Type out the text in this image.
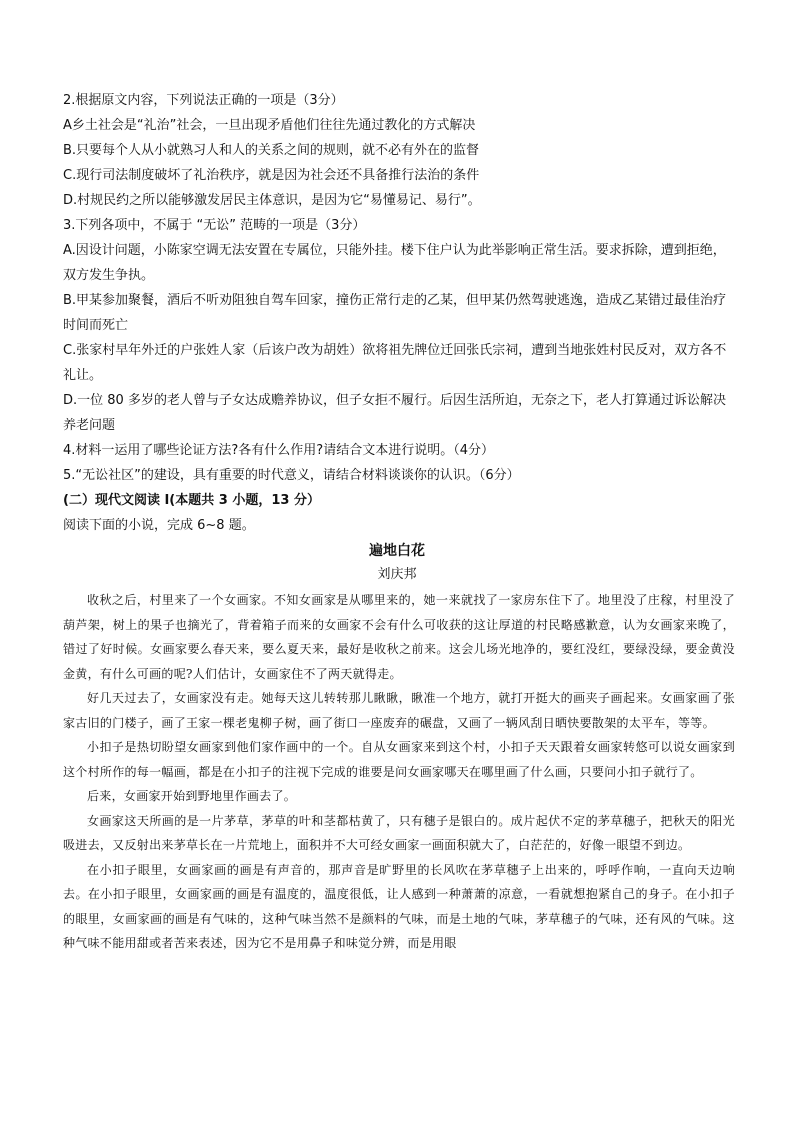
2.根据原文内容，下列说法正确的一项是（3分）

A乡土社会是“礼治”社会，一旦出现矛盾他们往往先通过教化的方式解决

B.只要每个人从小就熟习人和人的关系之间的规则，就不必有外在的监督

C.现行司法制度破坏了礼治秩序，就是因为社会还不具备推行法治的条件

D.村规民约之所以能够激发居民主体意识，是因为它“易懂易记、易行”。

3.下列各项中，不属于 “无讼” 范畴的一项是（3分）

A.因设计问题，小陈家空调无法安置在专属位，只能外挂。楼下住户认为此举影响正常生活。要求拆除，遭到拒绝，双方发生争执。

B.甲某参加聚餐，酒后不听劝阻独自驾车回家，撞伤正常行走的乙某，但甲某仍然驾驶逃逸，造成乙某错过最佳治疗时间而死亡

C.张家村早年外迁的户张姓人家（后该户改为胡姓）欲将祖先牌位迁回张氏宗祠，遭到当地张姓村民反对，双方各不礼让。

D.一位 80 多岁的老人曾与子女达成赡养协议，但子女拒不履行。后因生活所迫，无奈之下，老人打算通过诉讼解决养老问题

4.材料一运用了哪些论证方法?各有什么作用?请结合文本进行说明。（4分）

5.“无讼社区”的建设，具有重要的时代意义，请结合材料谈谈你的认识。（6分）

(二）现代文阅读 Ⅰ(本题共 3 小题，13 分）

阅读下面的小说，完成 6~8 题。

遍地白花

刘庆邦

收秋之后，村里来了一个女画家。不知女画家是从哪里来的，她一来就找了一家房东住下了。地里没了庄稼，村里没了葫芦架，树上的果子也摘光了，背着箱子而来的女画家不会有什么可收获的这让厚道的村民略感歉意，认为女画家来晚了，错过了好时候。女画家要么春天来，要么夏天来，最好是收秋之前来。这会儿场光地净的，要红没红，要绿没绿，要金黄没金黄，有什么可画的呢?人们估计，女画家住不了两天就得走。

好几天过去了，女画家没有走。她每天这儿转转那儿瞅瞅，瞅准一个地方，就打开挺大的画夹子画起来。女画家画了张家古旧的门楼子，画了王家一棵老鬼柳子树，画了街口一座废弃的碾盘，又画了一辆风刮日晒快要散架的太平车，等等。

小扣子是热切盼望女画家到他们家作画中的一个。自从女画家来到这个村，小扣子天天跟着女画家转悠可以说女画家到这个村所作的每一幅画，都是在小扣子的注视下完成的谁要是问女画家哪天在哪里画了什么画，只要问小扣子就行了。

后来，女画家开始到野地里作画去了。

女画家这天所画的是一片茅草，茅草的叶和茎都枯黄了，只有穗子是银白的。成片起伏不定的茅草穗子，把秋天的阳光吸进去，又反射出来茅草长在一片荒地上，面积并不大可经女画家一画面积就大了，白茫茫的，好像一眼望不到边。

在小扣子眼里，女画家画的画是有声音的，那声音是旷野里的长风吹在茅草穗子上出来的，呼呼作响，一直向天边响去。在小扣子眼里，女画家画的画是有温度的，温度很低，让人感到一种萧萧的凉意，一看就想抱紧自己的身子。在小扣子的眼里，女画家画的画是有气味的，这种气味当然不是颜料的气味，而是土地的气味，茅草穗子的气味，还有风的气味。这种气味不能用甜或者苦来表述，因为它不是用鼻子和味觉分辨，而是用眼
